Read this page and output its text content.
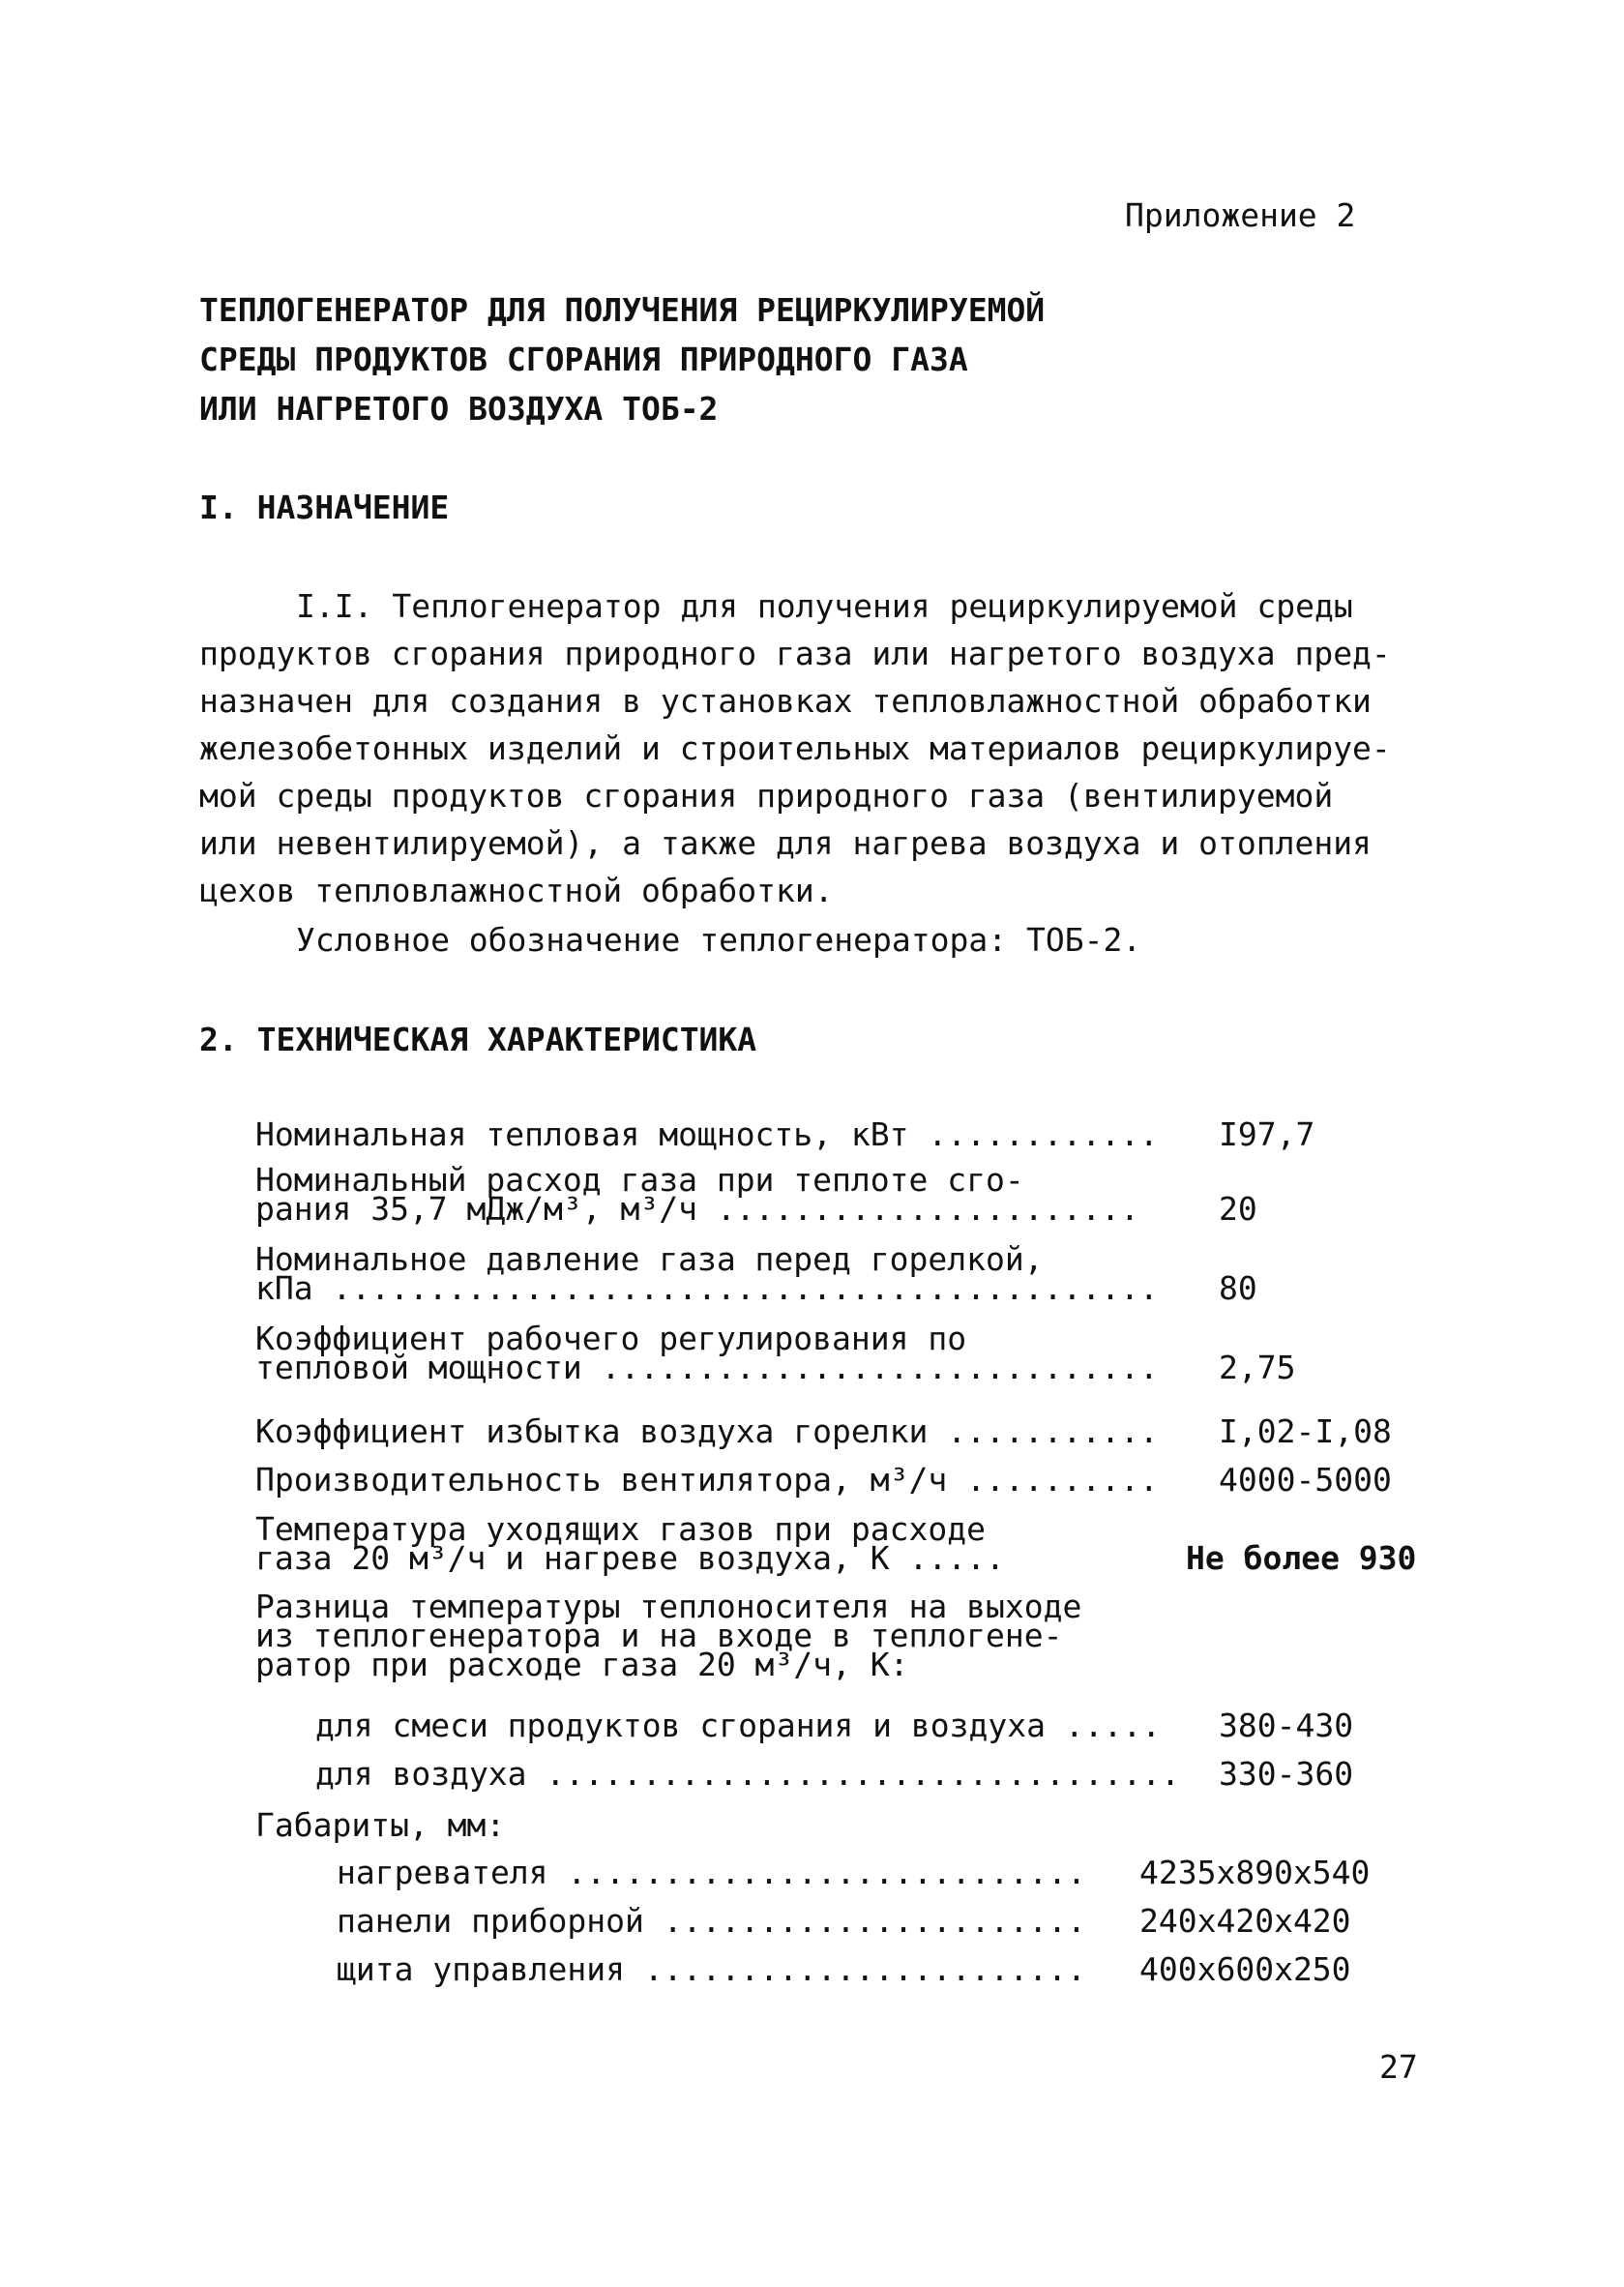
Приложение 2
ТЕПЛОГЕНЕРАТОР ДЛЯ ПОЛУЧЕНИЯ РЕЦИРКУЛИРУЕМОЙ
СРЕДЫ ПРОДУКТОВ СГОРАНИЯ ПРИРОДНОГО ГАЗА
ИЛИ НАГРЕТОГО ВОЗДУХА ТОБ-2
I. НАЗНАЧЕНИЕ
I.I. Теплогенератор для получения рециркулируемой среды
продуктов сгорания природного газа или нагретого воздуха пред-
назначен для создания в установках тепловлажностной обработки
железобетонных изделий и строительных материалов рециркулируе-
мой среды продуктов сгорания природного газа (вентилируемой
или невентилируемой), а также для нагрева воздуха и отопления
цехов тепловлажностной обработки.
Условное обозначение теплогенератора: ТОБ-2.
2. ТЕХНИЧЕСКАЯ ХАРАКТЕРИСТИКА
Номинальная тепловая мощность, кВт ............ I97,7
Номинальный расход газа при теплоте сго-
рания 35,7 мДж/м³, м³/ч ...................... 20
Номинальное давление газа перед горелкой,
кПа ........................................... 80
Коэффициент рабочего регулирования по
тепловой мощности ............................. 2,75
Коэффициент избытка воздуха горелки ........... I,02-I,08
Производительность вентилятора, м³/ч .......... 4000-5000
Температура уходящих газов при расходе
газа 20 м³/ч и нагреве воздуха, К .....	Не более 930
Разница температуры теплоносителя на выходе
из теплогенератора и на входе в теплогене-
ратор при расходе газа 20 м³/ч, К:
для смеси продуктов сгорания и воздуха ..... 380-430
для воздуха ................................. 330-360
Габариты, мм:
нагревателя ........................... 4235х890х540
панели приборной ...................... 240х420х420
щита управления ....................... 400х600х250
27
